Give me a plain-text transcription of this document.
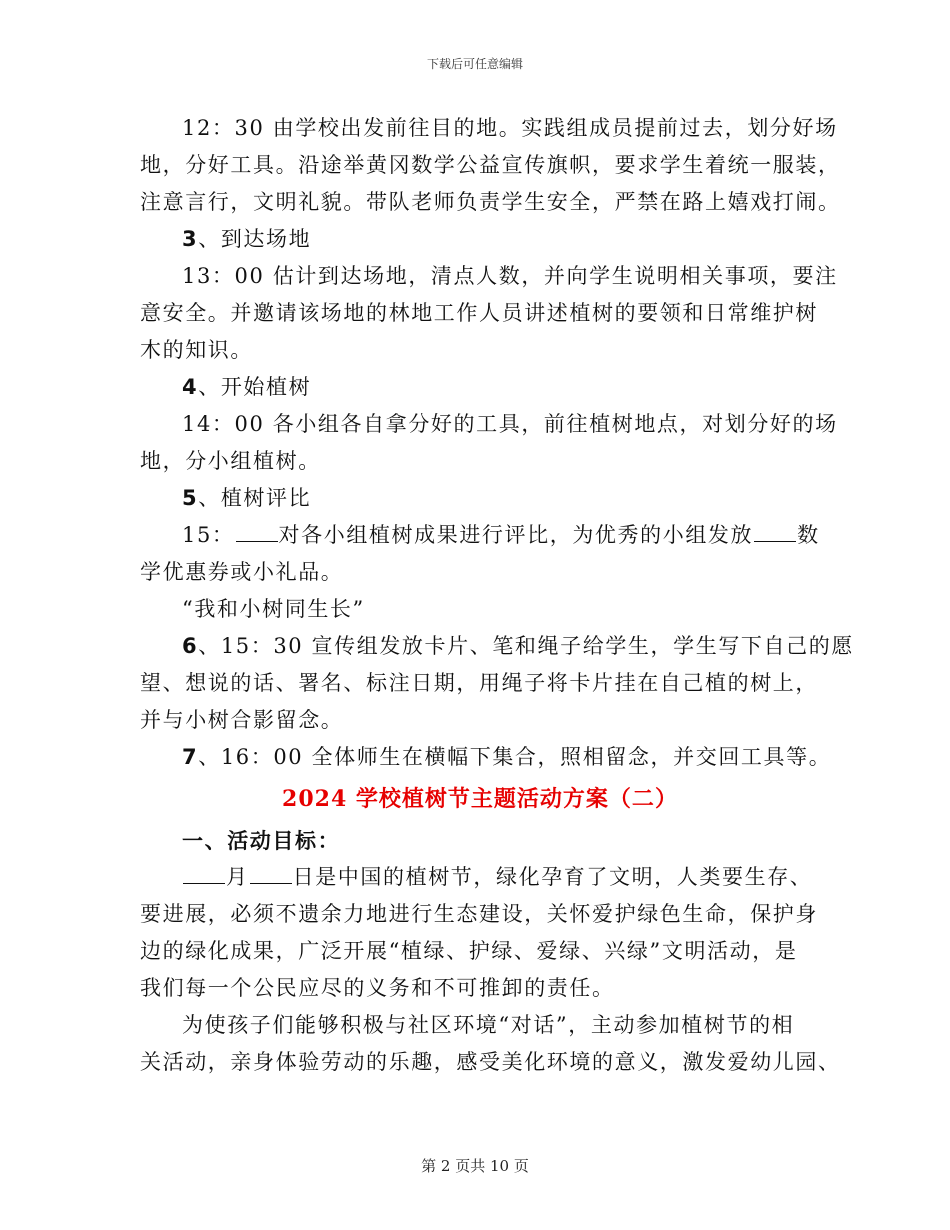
下载后可任意编辑
12：30 由学校出发前往目的地。实践组成员提前过去，划分好场
地，分好工具。沿途举黄冈数学公益宣传旗帜，要求学生着统一服装，
注意言行，文明礼貌。带队老师负责学生安全，严禁在路上嬉戏打闹。
3、到达场地
13：00 估计到达场地，清点人数，并向学生说明相关事项，要注
意安全。并邀请该场地的林地工作人员讲述植树的要领和日常维护树
木的知识。
4、开始植树
14：00 各小组各自拿分好的工具，前往植树地点，对划分好的场
地，分小组植树。
5、植树评比
15： 对各小组植树成果进行评比，为优秀的小组发放 数
学优惠券或小礼品。
“我和小树同生长”
6、15：30 宣传组发放卡片、笔和绳子给学生，学生写下自己的愿
望、想说的话、署名、标注日期，用绳子将卡片挂在自己植的树上，
并与小树合影留念。
7、16：00 全体师生在横幅下集合，照相留念，并交回工具等。
2024 学校植树节主题活动方案（二）
一、活动目标：
月 日是中国的植树节，绿化孕育了文明，人类要生存、
要进展，必须不遗余力地进行生态建设，关怀爱护绿色生命，保护身
边的绿化成果，广泛开展“植绿、护绿、爱绿、兴绿”文明活动，是
我们每一个公民应尽的义务和不可推卸的责任。
为使孩子们能够积极与社区环境“对话”，主动参加植树节的相
关活动，亲身体验劳动的乐趣，感受美化环境的意义，激发爱幼儿园、
第 2 页共 10 页
